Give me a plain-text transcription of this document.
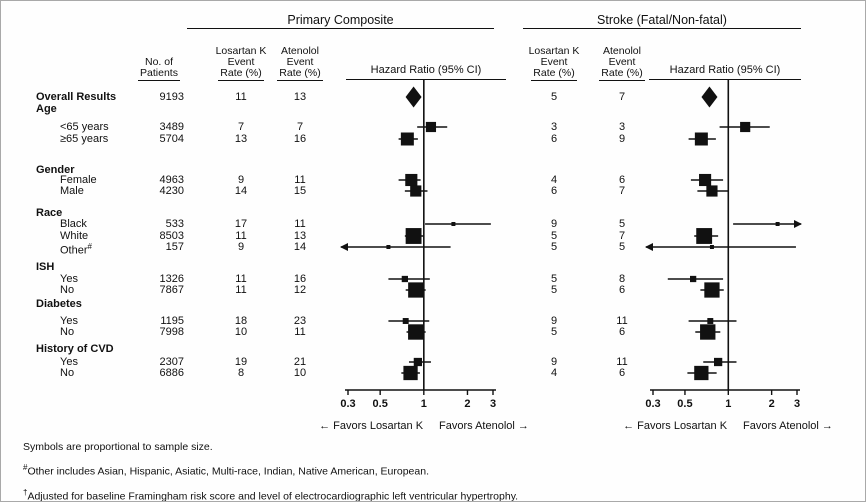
Primary Composite	Stroke (Fatal/Non-fatal)
No. of
Patients
Losartan K
Event
Rate (%)
Atenolol
Event
Rate (%)
Losartan K
Event
Rate (%)
Atenolol
Event
Rate (%)
Hazard Ratio (95% CI)	Hazard Ratio (95% CI)
0.3 0.5	1	2 3	0.3 0.5	1	2 3
Overall Results	9193	11	13	5	7
Age
<65 years	3489	7	7	3	3
≥65 years	5704	13	16	6	9
Gender
Female	4963	9	11	4	6
Male	4230	14	15	6	7
Race
Black	533	17	11	9	5
White	8503	11	13	5	7
Other#	157	9	14	5	5
ISH
Yes	1326	11	16	5	8
No	7867	11	12	5	6
Diabetes
Yes	1195	18	23	9	11
No	7998	10	11	5	6
History of CVD
Yes	2307	19	21	9	11
No	6886	8	10	4	6
← Favors Losartan K Favors Atenolol →	← Favors Losartan K Favors Atenolol →
Symbols are proportional to sample size.
#Other includes Asian, Hispanic, Asiatic, Multi-race, Indian, Native American, European.
†Adjusted for baseline Framingham risk score and level of electrocardiographic left ventricular hypertrophy.
